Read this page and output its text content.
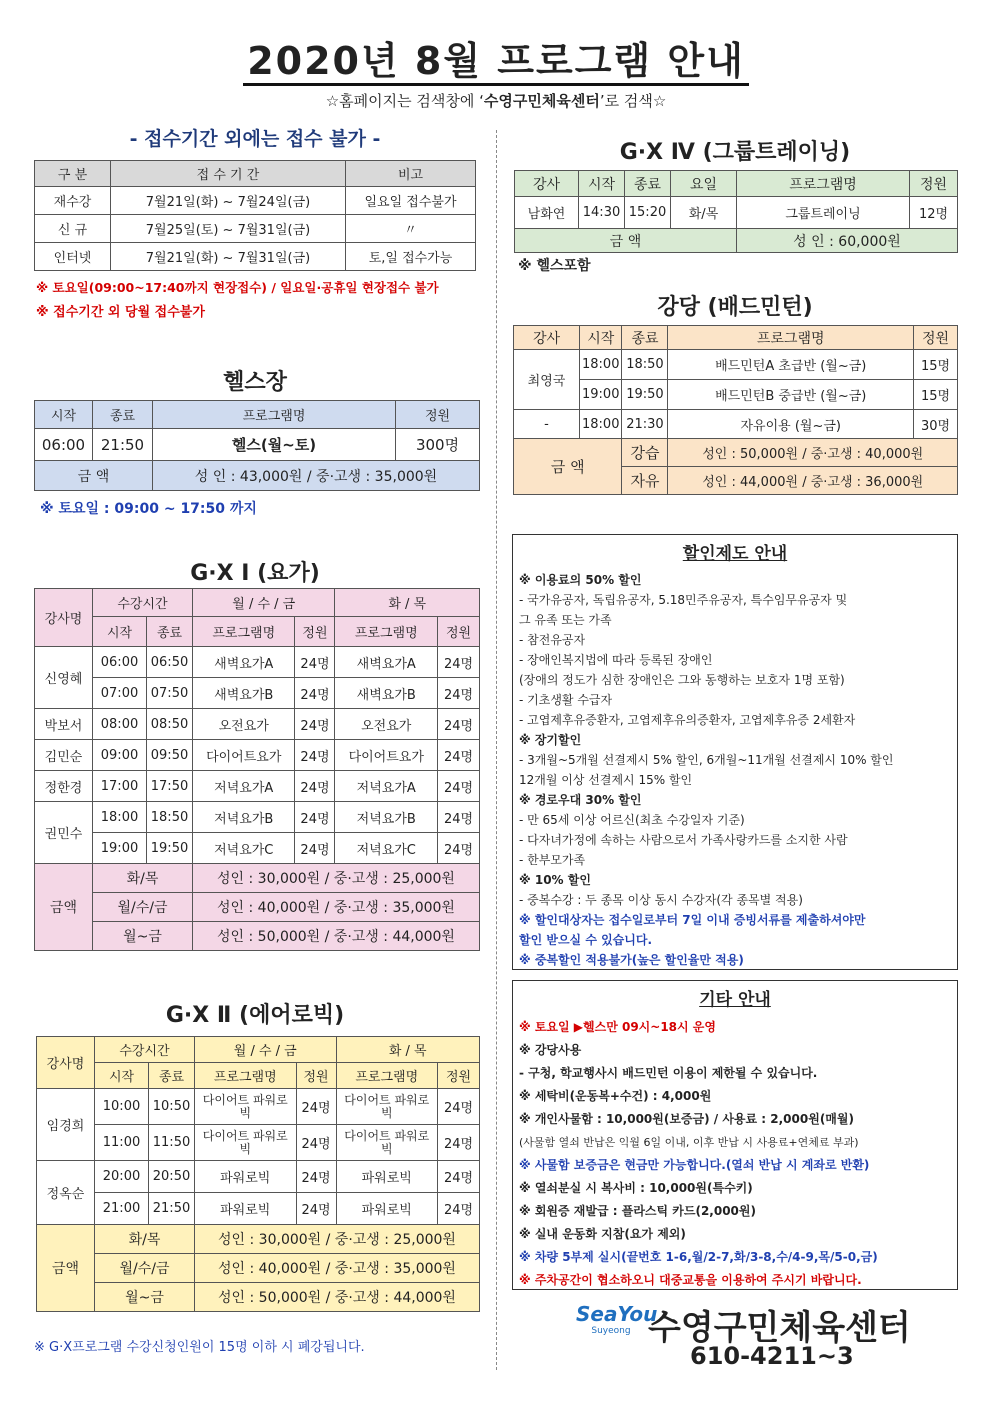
2020년 8월 프로그램 안내
☆홈페이지는 검색창에 ‘수영구민체육센터’로 검색☆
- 접수기간 외에는 접수 불가 -
구 분	접 수 기 간	비고
재수강	7월21일(화) ~ 7월24일(금)	일요일 접수불가
신 규	7월25일(토) ~ 7월31일(금)	〃
인터넷	7월21일(화) ~ 7월31일(금)	토,일 접수가능
※ 토요일(09:00~17:40까지 현장접수) / 일요일·공휴일 현장접수 불가
※ 접수기간 외 당월 접수불가
헬스장
시작	종료	프로그램명	정원
06:00	21:50	헬스(월~토)	300명
금 액		성 인 : 43,000원 / 중·고생 : 35,000원	
※ 토요일 : 09:00 ~ 17:50 까지
G·X Ⅰ (요가)
강사명	수강시간		월 / 수 / 금		화 / 목	
	시작	종료	프로그램명	정원	프로그램명	정원
신영혜	06:00	06:50	새벽요가A	24명	새벽요가A	24명
	07:00	07:50	새벽요가B	24명	새벽요가B	24명
박보서	08:00	08:50	오전요가	24명	오전요가	24명
김민순	09:00	09:50	다이어트요가	24명	다이어트요가	24명
정한경	17:00	17:50	저녁요가A	24명	저녁요가A	24명
권민수	18:00	18:50	저녁요가B	24명	저녁요가B	24명
	19:00	19:50	저녁요가C	24명	저녁요가C	24명
금액	화/목		성인 : 30,000원 / 중·고생 : 25,000원			
	월/수/금		성인 : 40,000원 / 중·고생 : 35,000원			
	월~금		성인 : 50,000원 / 중·고생 : 44,000원			
G·X Ⅱ (에어로빅)
강사명	수강시간		월 / 수 / 금		화 / 목	
	시작	종료	프로그램명	정원	프로그램명	정원
임경희	10:00	10:50	다이어트 파워로빅	24명	다이어트 파워로빅	24명
	11:00	11:50	다이어트 파워로빅	24명	다이어트 파워로빅	24명
정옥순	20:00	20:50	파워로빅	24명	파워로빅	24명
	21:00	21:50	파워로빅	24명	파워로빅	24명
금액	화/목		성인 : 30,000원 / 중·고생 : 25,000원			
	월/수/금		성인 : 40,000원 / 중·고생 : 35,000원			
	월~금		성인 : 50,000원 / 중·고생 : 44,000원			
※ G·X프로그램 수강신청인원이 15명 이하 시 폐강됩니다.
G·X Ⅳ (그룹트레이닝)
강사	시작	종료	요일	프로그램명	정원
남화연	14:30	15:20	화/목	그룹트레이닝	12명
금 액				성 인 : 60,000원	
※ 헬스포함
강당 (배드민턴)
강사	시작	종료	프로그램명	정원
최영국	18:00	18:50	배드민턴A 초급반 (월~금)	15명
	19:00	19:50	배드민턴B 중급반 (월~금)	15명
-	18:00	21:30	자유이용 (월~금)	30명
금 액		강습	성인 : 50,000원 / 중·고생 : 40,000원	
		자유	성인 : 44,000원 / 중·고생 : 36,000원	
할인제도 안내

※ 이용료의 50% 할인

- 국가유공자, 독립유공자, 5.18민주유공자, 특수임무유공자 및

그 유족 또는 가족

- 참전유공자

- 장애인복지법에 따라 등록된 장애인

(장애의 정도가 심한 장애인은 그와 동행하는 보호자 1명 포함)

- 기초생활 수급자

- 고엽제후유증환자, 고엽제후유의증환자, 고엽제후유증 2세환자

※ 장기할인

- 3개월~5개월 선결제시 5% 할인, 6개월~11개월 선결제시 10% 할인

12개월 이상 선결제시 15% 할인

※ 경로우대 30% 할인

- 만 65세 이상 어르신(최초 수강일자 기준)

- 다자녀가정에 속하는 사람으로서 가족사랑카드를 소지한 사람

- 한부모가족

※ 10% 할인

- 중복수강 : 두 종목 이상 동시 수강자(각 종목별 적용)

※ 할인대상자는 접수일로부터 7일 이내 증빙서류를 제출하셔야만

할인 받으실 수 있습니다.

※ 중복할인 적용불가(높은 할인율만 적용)

기타 안내

※ 토요일 ▶헬스만 09시~18시 운영

※ 강당사용

- 구청, 학교행사시 배드민턴 이용이 제한될 수 있습니다.

※ 세탁비(운동복+수건) : 4,000원

※ 개인사물함 : 10,000원(보증금) / 사용료 : 2,000원(매월)

(사물함 열쇠 반납은 익월 6일 이내, 이후 반납 시 사용료+연체료 부과)

※ 사물함 보증금은 현금만 가능합니다.(열쇠 반납 시 계좌로 반환)

※ 열쇠분실 시 복사비 : 10,000원(특수키)

※ 회원증 재발급 : 플라스틱 카드(2,000원)

※ 실내 운동화 지참(요가 제외)

※ 차량 5부제 실시(끝번호 1-6,월/2-7,화/3-8,수/4-9,목/5-0,금)

※ 주차공간이 협소하오니 대중교통을 이용하여 주시기 바랍니다.

SeaYou
Suyeong 수영구민체육센터
610-4211~3
